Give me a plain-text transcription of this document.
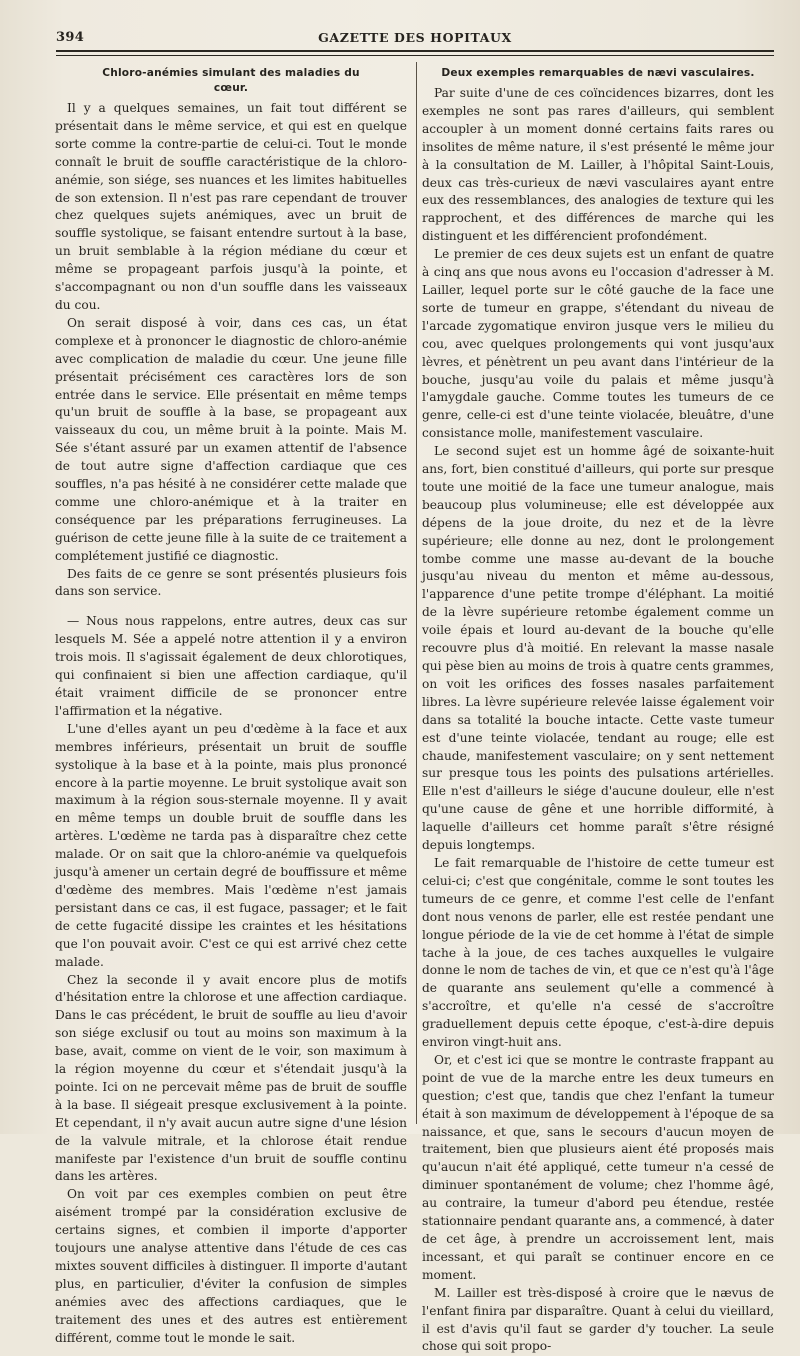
394	GAZETTE DES HOPITAUX
Chloro-anémies simulant des maladies du cœur.

Il y a quelques semaines, un fait tout différent se présentait dans le même service, et qui est en quelque sorte comme la contre-partie de celui-ci. Tout le monde connaît le bruit de souffle caractéristique de la chloro-anémie, son siége, ses nuances et les limites habituelles de son extension. Il n'est pas rare cependant de trouver chez quelques sujets anémiques, avec un bruit de souffle systolique, se faisant entendre surtout à la base, un bruit semblable à la région médiane du cœur et même se propageant parfois jusqu'à la pointe, et s'accompagnant ou non d'un souffle dans les vaisseaux du cou.

On serait disposé à voir, dans ces cas, un état complexe et à prononcer le diagnostic de chloro-anémie avec complication de maladie du cœur. Une jeune fille présentait précisément ces caractères lors de son entrée dans le service. Elle présentait en même temps qu'un bruit de souffle à la base, se propageant aux vaisseaux du cou, un même bruit à la pointe. Mais M. Sée s'étant assuré par un examen attentif de l'absence de tout autre signe d'affection cardiaque que ces souffles, n'a pas hésité à ne considérer cette malade que comme une chloro-anémique et à la traiter en conséquence par les préparations ferrugineuses. La guérison de cette jeune fille à la suite de ce traitement a complétement justifié ce diagnostic.

Des faits de ce genre se sont présentés plusieurs fois dans son service.

— Nous nous rappelons, entre autres, deux cas sur lesquels M. Sée a appelé notre attention il y a environ trois mois. Il s'agissait également de deux chlorotiques, qui confinaient si bien une affection cardiaque, qu'il était vraiment difficile de se prononcer entre l'affirmation et la négative.

L'une d'elles ayant un peu d'œdème à la face et aux membres inférieurs, présentait un bruit de souffle systolique à la base et à la pointe, mais plus prononcé encore à la partie moyenne. Le bruit systolique avait son maximum à la région sous-sternale moyenne. Il y avait en même temps un double bruit de souffle dans les artères. L'œdème ne tarda pas à disparaître chez cette malade. Or on sait que la chloro-anémie va quelquefois jusqu'à amener un certain degré de bouffissure et même d'œdème des membres. Mais l'œdème n'est jamais persistant dans ce cas, il est fugace, passager; et le fait de cette fugacité dissipe les craintes et les hésitations que l'on pouvait avoir. C'est ce qui est arrivé chez cette malade.

Chez la seconde il y avait encore plus de motifs d'hésitation entre la chlorose et une affection cardiaque. Dans le cas précédent, le bruit de souffle au lieu d'avoir son siége exclusif ou tout au moins son maximum à la base, avait, comme on vient de le voir, son maximum à la région moyenne du cœur et s'étendait jusqu'à la pointe. Ici on ne percevait même pas de bruit de souffle à la base. Il siégeait presque exclusivement à la pointe. Et cependant, il n'y avait aucun autre signe d'une lésion de la valvule mitrale, et la chlorose était rendue manifeste par l'existence d'un bruit de souffle continu dans les artères.

On voit par ces exemples combien on peut être aisément trompé par la considération exclusive de certains signes, et combien il importe d'apporter toujours une analyse attentive dans l'étude de ces cas mixtes souvent difficiles à distinguer. Il importe d'autant plus, en particulier, d'éviter la confusion de simples anémies avec des affections cardiaques, que le traitement des unes et des autres est entièrement différent, comme tout le monde le sait.

Deux exemples remarquables de nævi vasculaires.

Par suite d'une de ces coïncidences bizarres, dont les exemples ne sont pas rares d'ailleurs, qui semblent accoupler à un moment donné certains faits rares ou insolites de même nature, il s'est présenté le même jour à la consultation de M. Lailler, à l'hôpital Saint-Louis, deux cas très-curieux de nævi vasculaires ayant entre eux des ressemblances, des analogies de texture qui les rapprochent, et des différences de marche qui les distinguent et les différencient profondément.

Le premier de ces deux sujets est un enfant de quatre à cinq ans que nous avons eu l'occasion d'adresser à M. Lailler, lequel porte sur le côté gauche de la face une sorte de tumeur en grappe, s'étendant du niveau de l'arcade zygomatique environ jusque vers le milieu du cou, avec quelques prolongements qui vont jusqu'aux lèvres, et pénètrent un peu avant dans l'intérieur de la bouche, jusqu'au voile du palais et même jusqu'à l'amygdale gauche. Comme toutes les tumeurs de ce genre, celle-ci est d'une teinte violacée, bleuâtre, d'une consistance molle, manifestement vasculaire.

Le second sujet est un homme âgé de soixante-huit ans, fort, bien constitué d'ailleurs, qui porte sur presque toute une moitié de la face une tumeur analogue, mais beaucoup plus volumineuse; elle est développée aux dépens de la joue droite, du nez et de la lèvre supérieure; elle donne au nez, dont le prolongement tombe comme une masse au-devant de la bouche jusqu'au niveau du menton et même au-dessous, l'apparence d'une petite trompe d'éléphant. La moitié de la lèvre supérieure retombe également comme un voile épais et lourd au-devant de la bouche qu'elle recouvre plus d'à moitié. En relevant la masse nasale qui pèse bien au moins de trois à quatre cents grammes, on voit les orifices des fosses nasales parfaitement libres. La lèvre supérieure relevée laisse également voir dans sa totalité la bouche intacte. Cette vaste tumeur est d'une teinte violacée, tendant au rouge; elle est chaude, manifestement vasculaire; on y sent nettement sur presque tous les points des pulsations artérielles. Elle n'est d'ailleurs le siége d'aucune douleur, elle n'est qu'une cause de gêne et une horrible difformité, à laquelle d'ailleurs cet homme paraît s'être résigné depuis longtemps.

Le fait remarquable de l'histoire de cette tumeur est celui-ci; c'est que congénitale, comme le sont toutes les tumeurs de ce genre, et comme l'est celle de l'enfant dont nous venons de parler, elle est restée pendant une longue période de la vie de cet homme à l'état de simple tache à la joue, de ces taches auxquelles le vulgaire donne le nom de taches de vin, et que ce n'est qu'à l'âge de quarante ans seulement qu'elle a commencé à s'accroître, et qu'elle n'a cessé de s'accroître graduellement depuis cette époque, c'est-à-dire depuis environ vingt-huit ans.

Or, et c'est ici que se montre le contraste frappant au point de vue de la marche entre les deux tumeurs en question; c'est que, tandis que chez l'enfant la tumeur était à son maximum de développement à l'époque de sa naissance, et que, sans le secours d'aucun moyen de traitement, bien que plusieurs aient été proposés mais qu'aucun n'ait été appliqué, cette tumeur n'a cessé de diminuer spontanément de volume; chez l'homme âgé, au contraire, la tumeur d'abord peu étendue, restée stationnaire pendant quarante ans, a commencé, à dater de cet âge, à prendre un accroissement lent, mais incessant, et qui paraît se continuer encore en ce moment.

M. Lailler est très-disposé à croire que le nævus de l'enfant finira par disparaître. Quant à celui du vieillard, il est d'avis qu'il faut se garder d'y toucher. La seule chose qui soit propo-
